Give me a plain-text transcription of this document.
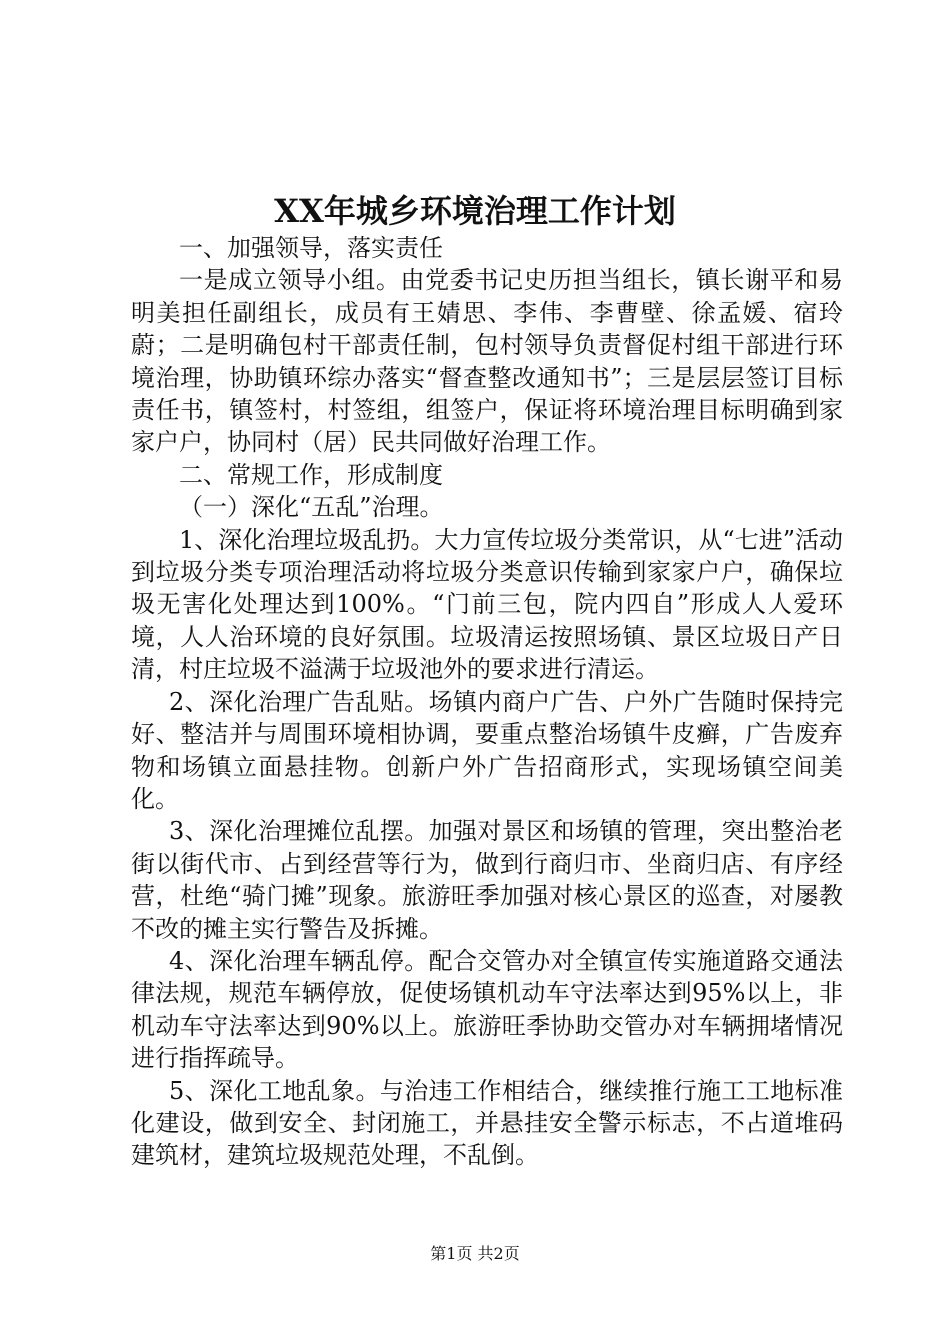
XX年城乡环境治理工作计划

一、加强领导，落实责任

一是成立领导小组。由党委书记史历担当组长，镇长谢平和易明美担任副组长，成员有王婧思、李伟、李曹壁、徐孟媛、宿玲蔚；二是明确包村干部责任制，包村领导负责督促村组干部进行环境治理，协助镇环综办落实“督查整改通知书”；三是层层签订目标责任书，镇签村，村签组，组签户，保证将环境治理目标明确到家家户户，协同村（居）民共同做好治理工作。

二、常规工作，形成制度

（一）深化“五乱”治理。

1、深化治理垃圾乱扔。大力宣传垃圾分类常识，从“七进”活动到垃圾分类专项治理活动将垃圾分类意识传输到家家户户，确保垃圾无害化处理达到100%。“门前三包，院内四自”形成人人爱环境，人人治环境的良好氛围。垃圾清运按照场镇、景区垃圾日产日清，村庄垃圾不溢满于垃圾池外的要求进行清运。

2、深化治理广告乱贴。场镇内商户广告、户外广告随时保持完好、整洁并与周围环境相协调，要重点整治场镇牛皮癣，广告废弃物和场镇立面悬挂物。创新户外广告招商形式，实现场镇空间美化。

3、深化治理摊位乱摆。加强对景区和场镇的管理，突出整治老街以街代市、占到经营等行为，做到行商归市、坐商归店、有序经营，杜绝“骑门摊”现象。旅游旺季加强对核心景区的巡查，对屡教不改的摊主实行警告及拆摊。

4、深化治理车辆乱停。配合交管办对全镇宣传实施道路交通法律法规，规范车辆停放，促使场镇机动车守法率达到95%以上，非机动车守法率达到90%以上。旅游旺季协助交管办对车辆拥堵情况进行指挥疏导。

5、深化工地乱象。与治违工作相结合，继续推行施工工地标准化建设，做到安全、封闭施工，并悬挂安全警示标志，不占道堆码建筑材，建筑垃圾规范处理，不乱倒。

第1页 共2页
